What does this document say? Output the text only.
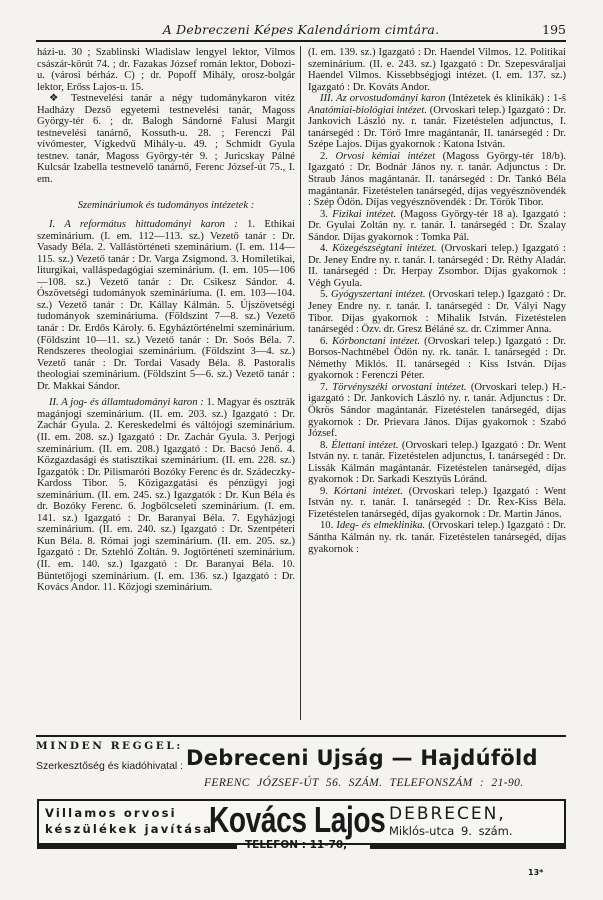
A Debreczeni Képes Kalendáriom cimtára.	195

házi-u. 30 ; Szablinski Wladislaw lengyel lektor, Vilmos császár-körút 74. ; dr. Fazakas József román lektor, Dobozi-u. (városi bérház. C) ; dr. Popoff Mihály, orosz-bolgár lektor, Erőss Lajos-u. 15.

❖ Testnevelési tanár a négy tudománykaron vitéz Hadházy Dezső egyetemi testnevelési tanár, Magoss György-tér 6. ; dr. Balogh Sándorné Falusi Margit testnevelési tanárnő, Kossuth-u. 28. ; Ferenczi Pál vívómester, Vígkedvű Mihály-u. 49. ; Schmidt Gyula testnev. tanár, Magoss György-tér 9. ; Juricskay Pálné Kulcsár Izabella testnevelő tanárnő, Ferenc József-út 75., I. em.

Szemináriumok és tudományos intézetek :

I. A református hittudományi karon : 1. Ethikai szeminárium. (I. em. 112—113. sz.) Vezető tanár : Dr. Vasady Béla. 2. Vallástörténeti szeminárium. (I. em. 114—115. sz.) Vezető tanár : Dr. Varga Zsigmond. 3. Homiletikai, liturgikai, valláspedagógiai szeminárium. (I. em. 105—106—108. sz.) Vezető tanár : Dr. Csikesz Sándor. 4. Ószövetségi tudományok szemináriuma. (I. em. 103—104. sz.) Vezető tanár : Dr. Kállay Kálmán. 5. Újszövetségi tudományok szemináriuma. (Földszint 7—8. sz.) Vezető tanár : Dr. Erdős Károly. 6. Egyháztörténelmi szeminárium. (Földszint 10—11. sz.) Vezető tanár : Dr. Soós Béla. 7. Rendszeres theologiai szeminárium. (Földszint 3—4. sz.) Vezető tanár : Dr. Tordai Vasady Béla. 8. Pastoralis theologiai szeminárium. (Földszint 5—6. sz.) Vezető tanár : Dr. Makkai Sándor.

II. A jog- és államtudományi karon : 1. Magyar és osztrák magánjogi szeminárium. (II. em. 203. sz.) Igazgató : Dr. Zachár Gyula. 2. Kereskedelmi és váltójogi szeminárium. (II. em. 208. sz.) Igazgató : Dr. Zachár Gyula. 3. Perjogi szeminárium. (II. em. 208.) Igazgató : Dr. Bacsó Jenő. 4. Közgazdasági és statisztikai szeminárium. (II. em. 228. sz.) Igazgatók : Dr. Pilismaróti Bozóky Ferenc és dr. Szádeczky-Kardoss Tibor. 5. Közigazgatási és pénzügyi jogi szeminárium. (II. em. 245. sz.) Igazgatók : Dr. Kun Béla és dr. Bozóky Ferenc. 6. Jogbölcseleti szeminárium. (I. em. 141. sz.) Igazgató : Dr. Baranyai Béla. 7. Egyházjogi szeminárium. (II. em. 240. sz.) Igazgató : Dr. Szentpéteri Kun Béla. 8. Római jogi szeminárium. (II. em. 205. sz.) Igazgató : Dr. Sztehló Zoltán. 9. Jogtörténeti szeminárium. (II. em. 140. sz.) Igazgató : Dr. Baranyai Béla. 10. Büntetőjogi szeminárium. (I. em. 136. sz.) Igazgató : Dr. Kovács Andor. 11. Közjogi szeminárium.

(I. em. 139. sz.) Igazgató : Dr. Haendel Vilmos. 12. Politikai szeminárium. (II. e. 243. sz.) Igazgató : Dr. Szepesváraljai Haendel Vilmos. Kissebbségjogi intézet. (I. em. 137. sz.) Igazgató : Dr. Kováts Andor.

III. Az orvostudományi karon (Intézetek és klinikák) : 1-ŝ Anatómiai-biológiai intézet. (Orvoskari telep.) Igazgató : Dr. Jankovich László ny. r. tanár. Fizetéstelen adjunctus, I. tanársegéd : Dr. Törő Imre magántanár, II. tanársegéd : Dr. Szépe Lajos. Díjas gyakornok : Katona István.

2. Orvosi kémiai intézet (Magoss György-tér 18/b). Igazgató : Dr. Bodnár János ny. r. tanár. Adjunctus : Dr. Straub János magántanár. II. tanársegéd : Dr. Tankó Béla magántanár. Fizetéstelen tanársegéd, díjas vegyésznövendék : Szép Ödön. Díjas vegyésznövendék : Dr. Török Tibor.

3. Fizikai intézet. (Magoss György-tér 18 a). Igazgató : Dr. Gyulai Zoltán ny. r. tanár. I. tanársegéd : Dr. Szalay Sándor. Díjas gyakornok : Tomka Pál.

4. Közegészségtani intézet. (Orvoskari telep.) Igazgató : Dr. Jeney Endre ny. r. tanár. I. tanársegéd : Dr. Réthy Aladár. II. tanársegéd : Dr. Herpay Zsombor. Díjas gyakornok : Végh Gyula.

5. Gyógyszertani intézet. (Orvoskari telep.) Igazgató : Dr. Jeney Endre ny. r. tanár. I. tanársegéd : Dr. Vályi Nagy Tibor. Díjas gyakornok : Mihalik István. Fizetéstelen tanársegéd : Özv. dr. Gresz Béláné sz. dr. Czimmer Anna.

6. Kórbonctani intézet. (Orvoskari telep.) Igazgató : Dr. Borsos-Nachtnébel Ödön ny. rk. tanár. I. tanársegéd : Dr. Némethy Miklós. II. tanársegéd : Kiss István. Díjas gyakornok : Ferenczi Péter.

7. Törvényszéki orvostani intézet. (Orvoskari telep.) H.-igazgató : Dr. Jankovich László ny. r. tanár. Adjunctus : Dr. Ökrös Sándor magántanár. Fizetéstelen tanársegéd, díjas gyakornok : Dr. Prievara János. Díjas gyakornok : Szabó József.

8. Élettani intézet. (Orvoskari telep.) Igazgató : Dr. Went István ny. r. tanár. Fizetéstelen adjunctus, I. tanársegéd : Dr. Lissák Kálmán magántanár. Fizetéstelen tanársegéd, díjas gyakornok : Dr. Sarkadi Kesztyűs Lóránd.

9. Kórtani intézet. (Orvoskari telep.) Igazgató : Went István ny. r. tanár. I. tanársegéd : Dr. Rex-Kiss Béla. Fizetéstelen tanársegéd, díjas gyakornok : Dr. Martin János.

10. Ideg- és elmeklinika. (Orvoskari telep.) Igazgató : Dr. Sántha Kálmán ny. rk. tanár. Fizetéstelen tanársegéd, díjas gyakornok :

MINDEN REGGEL: Debreceni Ujság — Hajdúföld
Szerkesztőség és kiadóhivatal :
FERENC JÓZSEF-ÚT 56. SZÁM. TELEFONSZÁM : 21-90.
Villamos orvosi
készülékek javítása
Kovács Lajos DEBRECEN,
Miklós-utca 9. szám.
TELEFON : 11-70,
13*
